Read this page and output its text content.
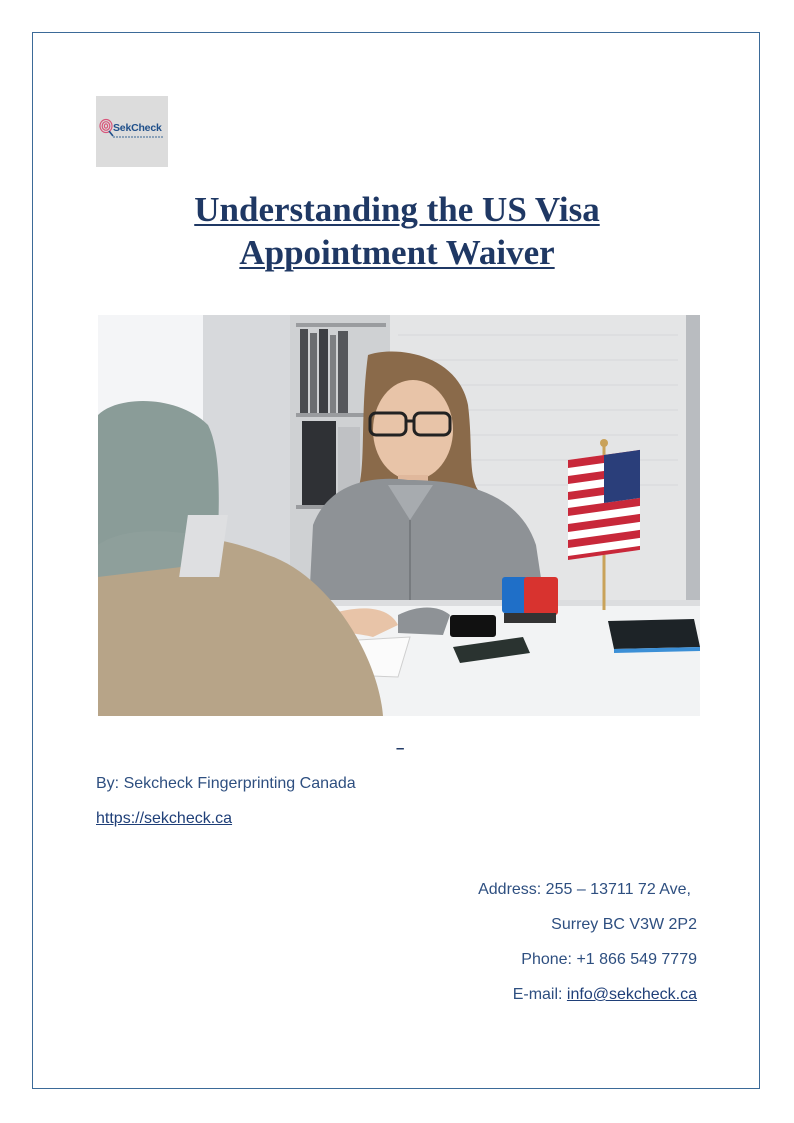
SekCheck
Understanding the US Visa
Appointment Waiver
–
By: Sekcheck Fingerprinting Canada
https://sekcheck.ca
Address: 255 – 13711 72 Ave,
Surrey BC V3W 2P2
Phone: +1 866 549 7779
E-mail: info@sekcheck.ca
